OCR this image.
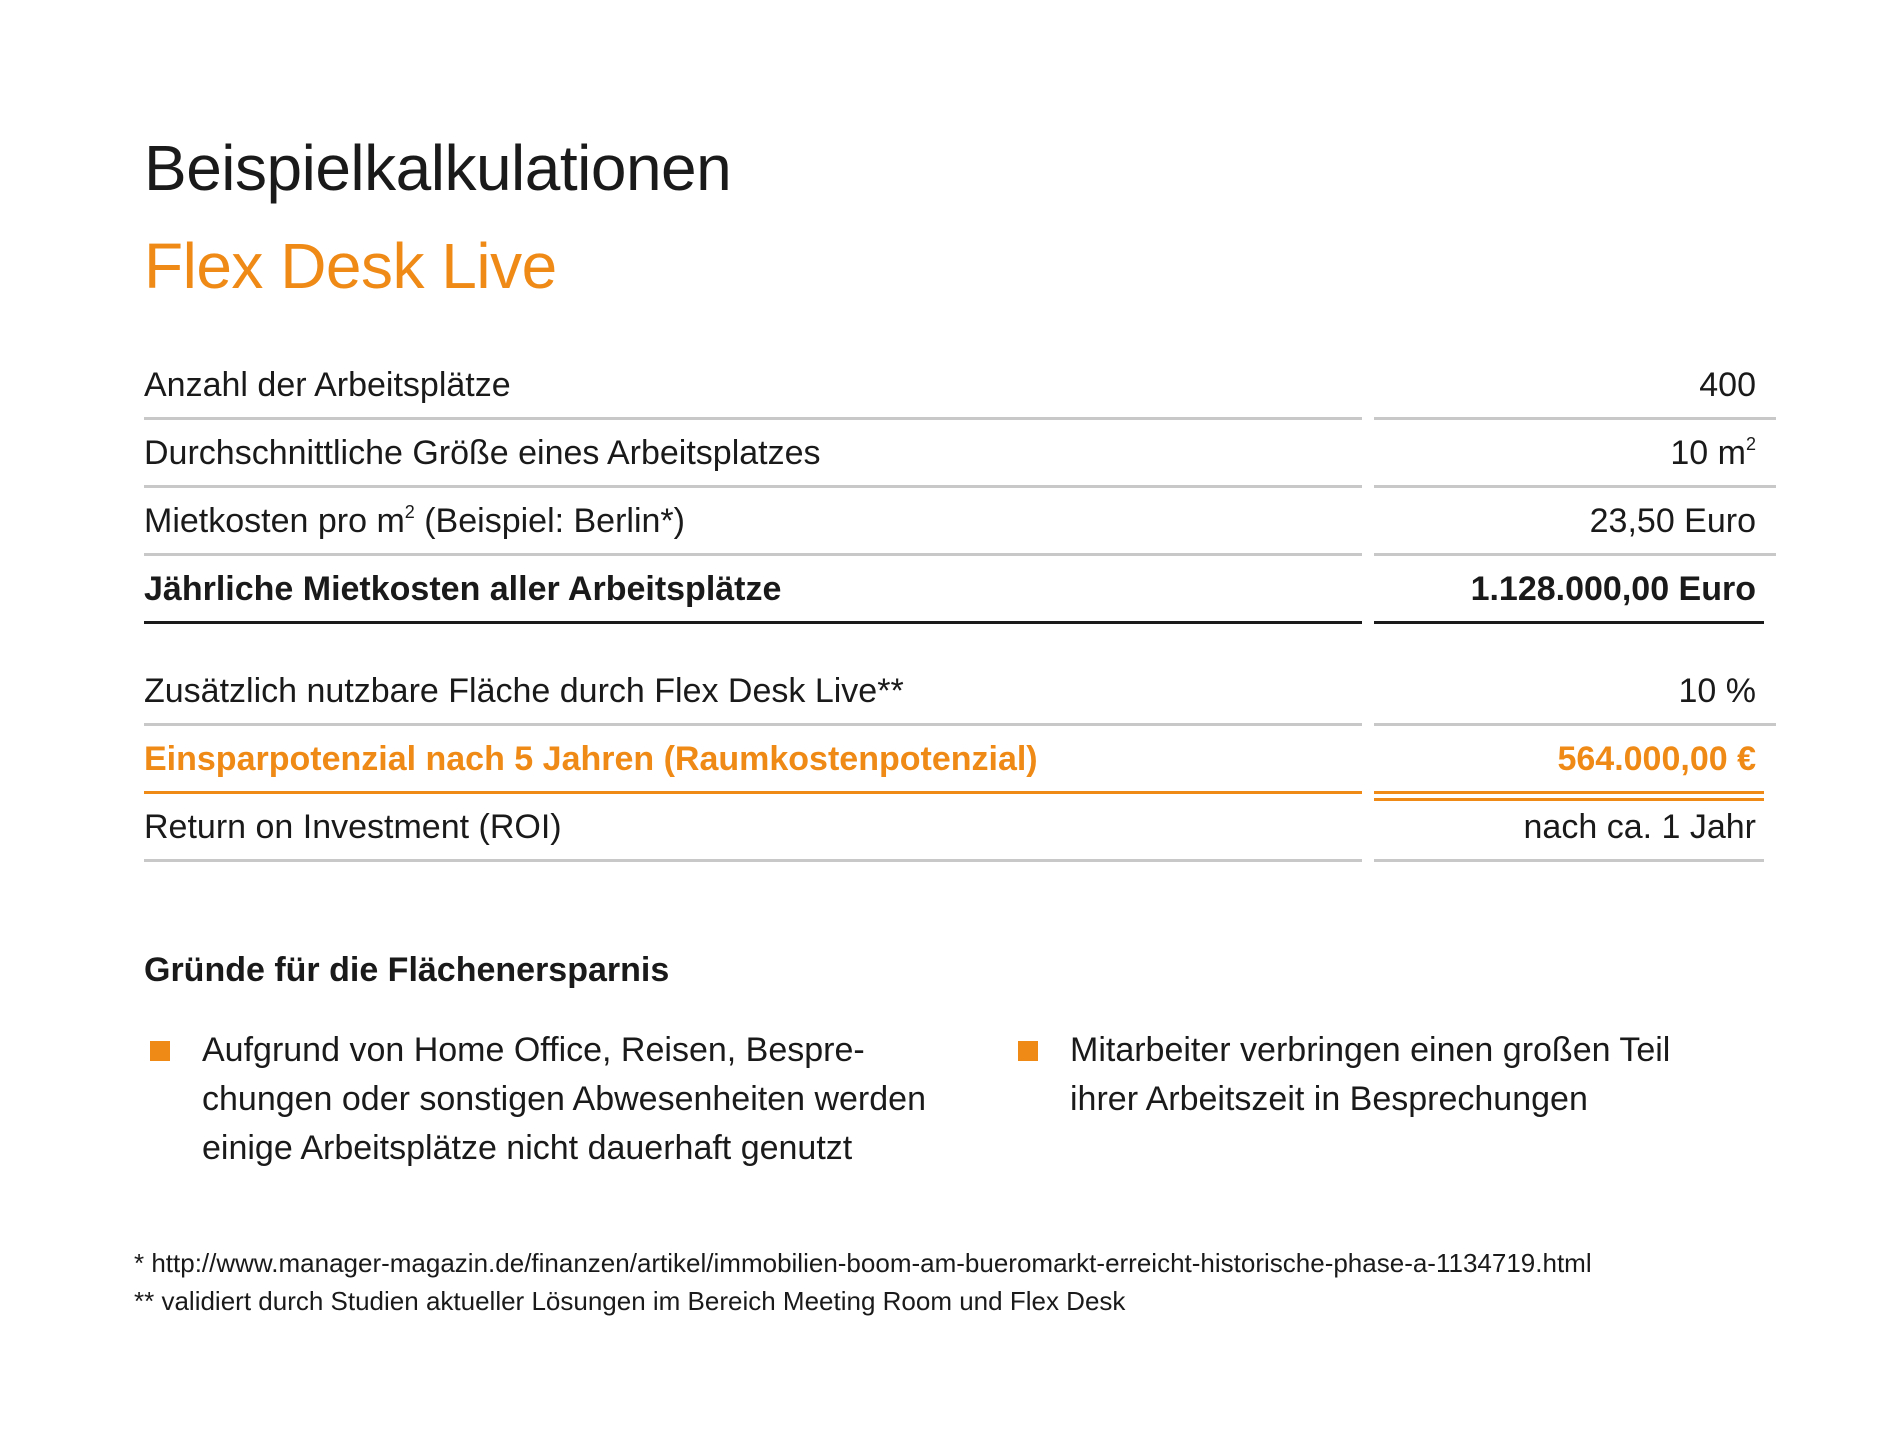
Beispielkalkulationen
Flex Desk Live
Anzahl der Arbeitsplätze	400
Durchschnittliche Größe eines Arbeitsplatzes	10 $m^2$
Mietkosten pro $m^2$ (Beispiel: Berlin*)	23,50 Euro
Jährliche Mietkosten aller Arbeitsplätze	1.128.000,00 Euro
Zusätzlich nutzbare Fläche durch Flex Desk Live**	10 %
Einsparpotenzial nach 5 Jahren (Raumkostenpotenzial)	564.000,00 €
Return on Investment (ROI)	nach ca. 1 Jahr
Gründe für die Flächenersparnis
Aufgrund von Home Office, Reisen, Bespre-
chungen oder sonstigen Abwesenheiten werden
einige Arbeitsplätze nicht dauerhaft genutzt
Mitarbeiter verbringen einen großen Teil
ihrer Arbeitszeit in Besprechungen
* http://www.manager-magazin.de/finanzen/artikel/immobilien-boom-am-bueromarkt-erreicht-historische-phase-a-1134719.html
** validiert durch Studien aktueller Lösungen im Bereich Meeting Room und Flex Desk
